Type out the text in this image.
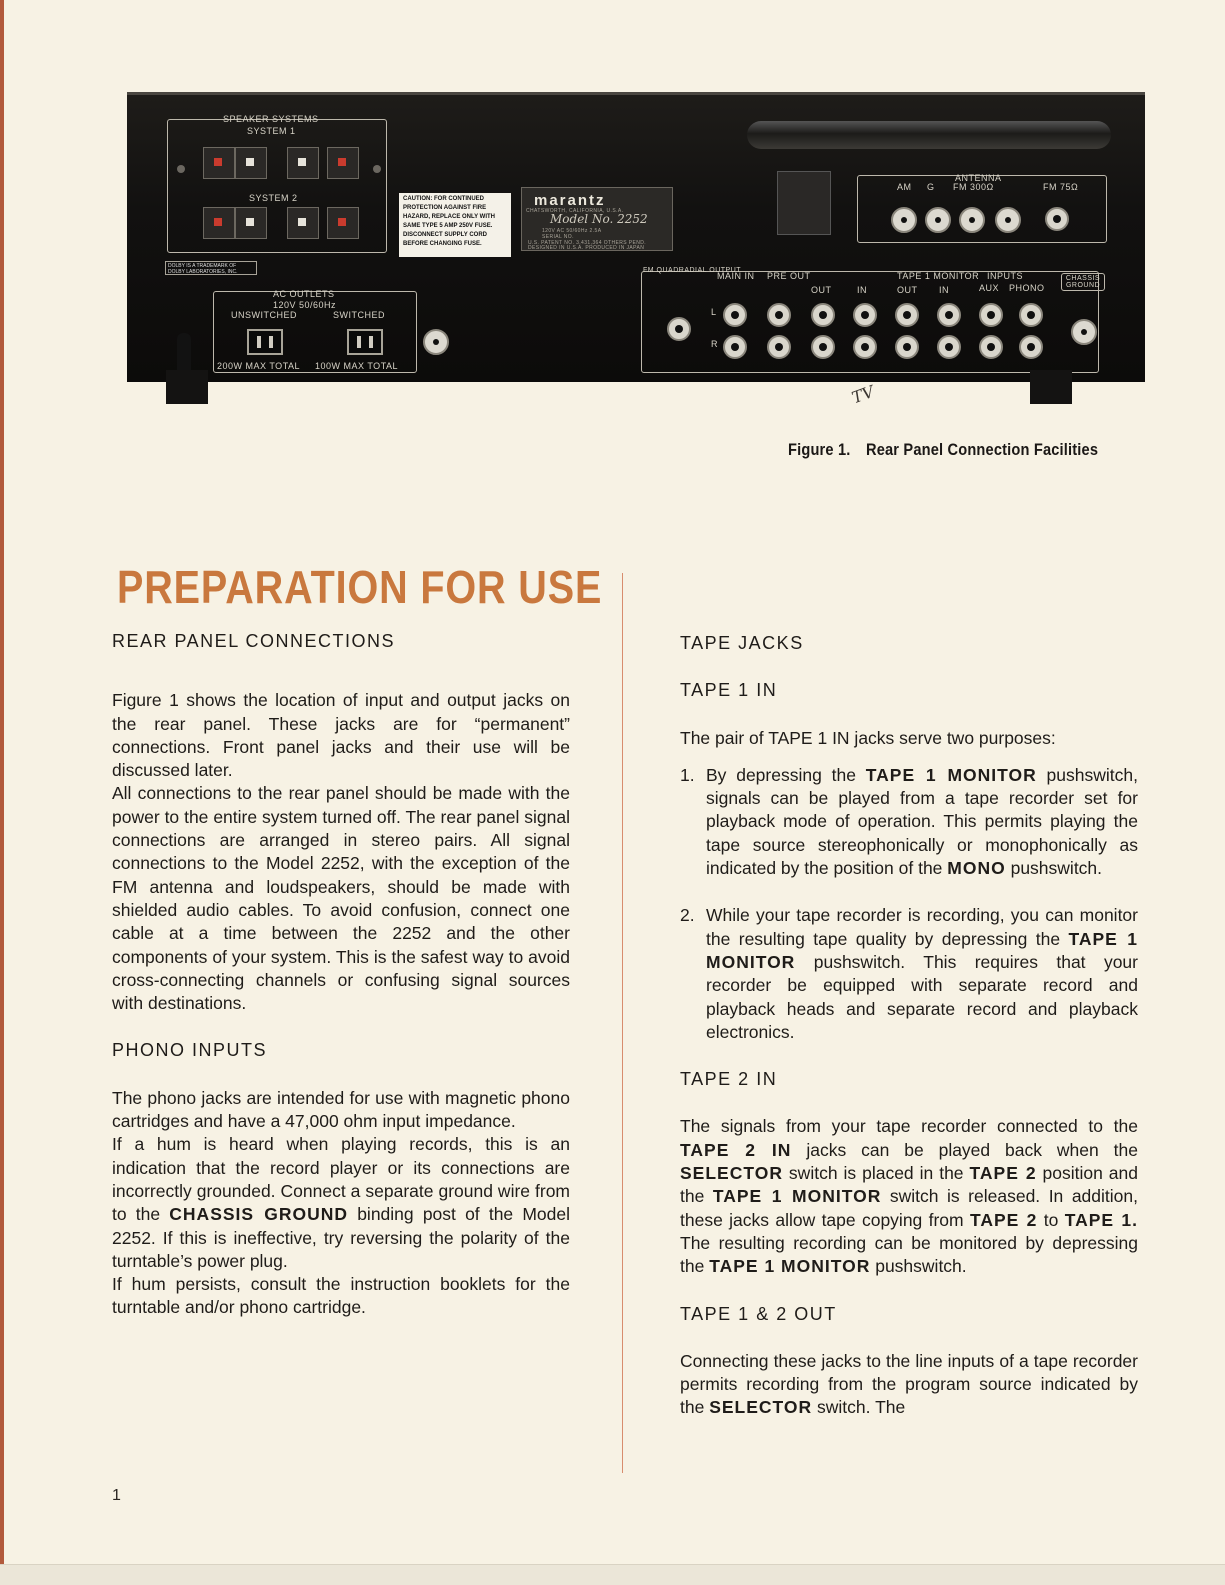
SPEAKER SYSTEMS
SYSTEM 1
SYSTEM 2
DOLBY IS A TRADEMARK OF DOLBY LABORATORIES, INC.
AC OUTLETS
120V 50/60Hz
UNSWITCHED	SWITCHED
200W MAX TOTAL 100W MAX TOTAL
CAUTION: FOR CONTINUED PROTECTION AGAINST FIRE HAZARD, REPLACE ONLY WITH SAME TYPE 5 AMP 250V FUSE. DISCONNECT SUPPLY CORD BEFORE CHANGING FUSE.
marantz
CHATSWORTH, CALIFORNIA, U.S.A.
Model No. 2252
120V AC 50/60Hz 2.5A
SERIAL NO.
U.S. PATENT NO. 3,431,364 OTHERS PEND.
DESIGNED IN U.S.A. PRODUCED IN JAPAN
ANTENNA
AM G FM 300Ω	FM 75Ω
FM QUADRADIAL OUTPUT
MAIN IN PRE OUT
OUT	IN
TAPE 1 MONITOR
OUT IN
INPUTS
AUX PHONO
CHASSIS GROUND
L
R
TV
Figure 1. Rear Panel Connection Facilities
PREPARATION FOR USE
REAR PANEL CONNECTIONS

Figure 1 shows the location of input and output jacks on the rear panel. These jacks are for “permanent” connections. Front panel jacks and their use will be discussed later.

All connections to the rear panel should be made with the power to the entire system turned off. The rear panel signal connections are arranged in stereo pairs. All signal connections to the Model 2252, with the exception of the FM antenna and loudspeakers, should be made with shielded audio cables. To avoid confusion, connect one cable at a time between the 2252 and the other components of your system. This is the safest way to avoid cross-connecting channels or confusing signal sources with destinations.

PHONO INPUTS

The phono jacks are intended for use with magnetic phono cartridges and have a 47,000 ohm input impedance.

If a hum is heard when playing records, this is an indication that the record player or its connections are incorrectly grounded. Connect a separate ground wire from to the CHASSIS GROUND binding post of the Model 2252. If this is ineffective, try reversing the polarity of the turntable’s power plug.

If hum persists, consult the instruction booklets for the turntable and/or phono cartridge.

TAPE JACKS
TAPE 1 IN

The pair of TAPE 1 IN jacks serve two purposes:

1. By depressing the TAPE 1 MONITOR pushswitch, signals can be played from a tape recorder set for playback mode of operation. This permits playing the tape source stereophonically or monophonically as indicated by the position of the MONO pushswitch.
2. While your tape recorder is recording, you can monitor the resulting tape quality by depressing the TAPE 1 MONITOR pushswitch. This requires that your recorder be equipped with separate record and playback heads and separate record and playback electronics.
TAPE 2 IN

The signals from your tape recorder connected to the TAPE 2 IN jacks can be played back when the SELECTOR switch is placed in the TAPE 2 position and the TAPE 1 MONITOR switch is released. In addition, these jacks allow tape copying from TAPE 2 to TAPE 1. The resulting recording can be monitored by depressing the TAPE 1 MONITOR pushswitch.

TAPE 1 & 2 OUT

Connecting these jacks to the line inputs of a tape recorder permits recording from the program source indicated by the SELECTOR switch. The

1
